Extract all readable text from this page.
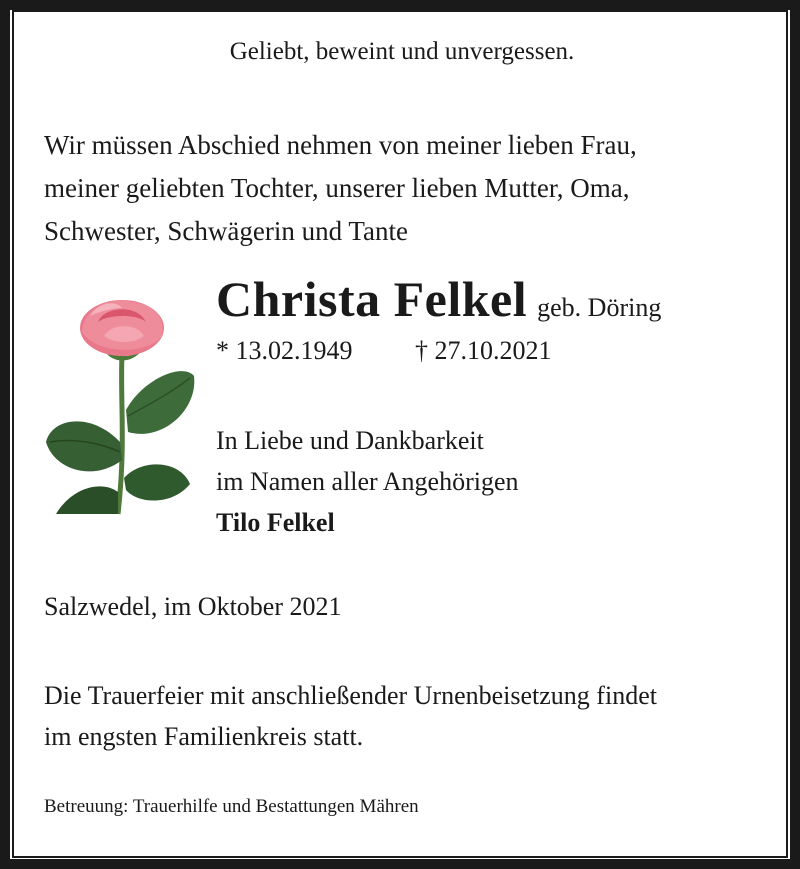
Geliebt, beweint und unvergessen.
Wir müssen Abschied nehmen von meiner lieben Frau,
meiner geliebten Tochter, unserer lieben Mutter, Oma,
Schwester, Schwägerin und Tante
Christa Felkel geb. Döring
* 13.02.1949 † 27.10.2021
In Liebe und Dankbarkeit
im Namen aller Angehörigen
Tilo Felkel
Salzwedel, im Oktober 2021
Die Trauerfeier mit anschließender Urnenbeisetzung findet
im engsten Familienkreis statt.
Betreuung: Trauerhilfe und Bestattungen Mähren
